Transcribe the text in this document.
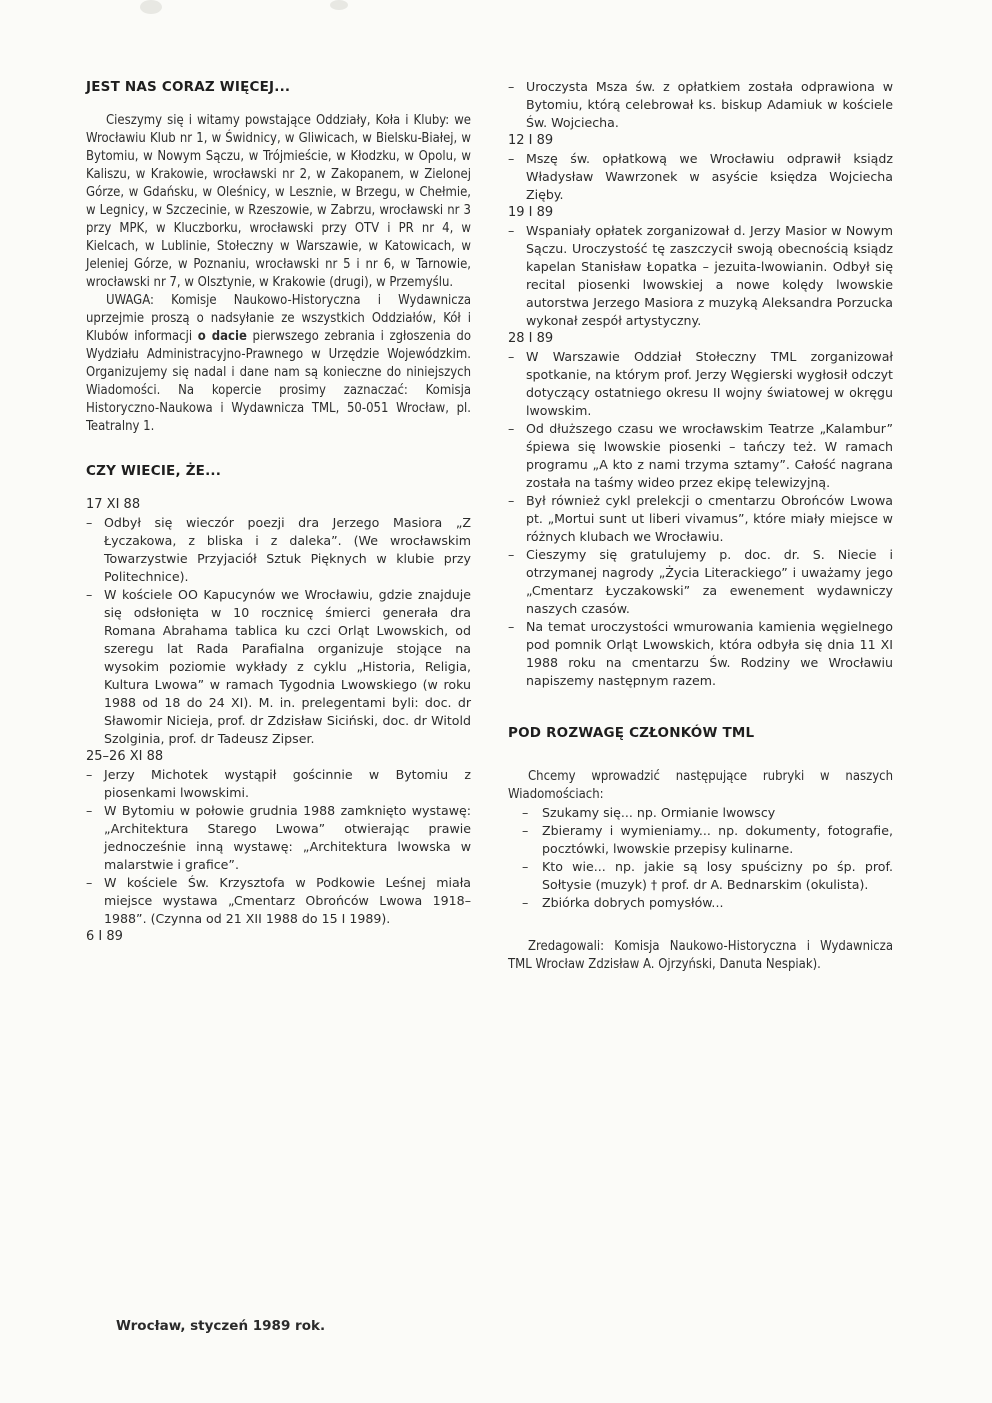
JEST NAS CORAZ WIĘCEJ...

Cieszymy się i witamy powstające Oddziały, Koła i Kluby: we Wrocławiu Klub nr 1, w Świdnicy, w Gliwicach, w Bielsku-Białej, w Bytomiu, w Nowym Sączu, w Trójmieście, w Kłodzku, w Opolu, w Kaliszu, w Krakowie, wrocławski nr 2, w Zakopanem, w Zielonej Górze, w Gdańsku, w Oleśnicy, w Lesznie, w Brzegu, w Chełmie, w Legnicy, w Szczecinie, w Rzeszowie, w Zabrzu, wrocławski nr 3 przy MPK, w Kluczborku, wrocławski przy OTV i PR nr 4, w Kielcach, w Lublinie, Stołeczny w Warszawie, w Katowicach, w Jeleniej Górze, w Poznaniu, wrocławski nr 5 i nr 6, w Tarnowie, wrocławski nr 7, w Olsztynie, w Krakowie (drugi), w Przemyślu.

UWAGA: Komisje Naukowo-Historyczna i Wydawnicza uprzejmie proszą o nadsyłanie ze wszystkich Oddziałów, Kół i Klubów informacji o dacie pierwszego zebrania i zgłoszenia do Wydziału Administracyjno-Prawnego w Urzędzie Wojewódzkim. Organizujemy się nadal i dane nam są konieczne do niniejszych Wiadomości. Na kopercie prosimy zaznaczać: Komisja Historyczno-Naukowa i Wydawnicza TML, 50-051 Wrocław, pl. Teatralny 1.

CZY WIECIE, ŻE...

17 XI 88

– Odbył się wieczór poezji dra Jerzego Masiora „Z Łyczakowa, z bliska i z daleka”. (We wrocławskim Towarzystwie Przyjaciół Sztuk Pięknych w klubie przy Politechnice).

– W kościele OO Kapucynów we Wrocławiu, gdzie znajduje się odsłonięta w 10 rocznicę śmierci generała dra Romana Abrahama tablica ku czci Orląt Lwowskich, od szeregu lat Rada Parafialna organizuje stojące na wysokim poziomie wykłady z cyklu „Historia, Religia, Kultura Lwowa” w ramach Tygodnia Lwowskiego (w roku 1988 od 18 do 24 XI). M. in. prelegentami byli: doc. dr Sławomir Nicieja, prof. dr Zdzisław Siciński, doc. dr Witold Szolginia, prof. dr Tadeusz Zipser.

25–26 XI 88

– Jerzy Michotek wystąpił gościnnie w Bytomiu z piosenkami lwowskimi.

– W Bytomiu w połowie grudnia 1988 zamknięto wystawę: „Architektura Starego Lwowa” otwierając prawie jednocześnie inną wystawę: „Architektura lwowska w malarstwie i grafice”.

– W kościele Św. Krzysztofa w Podkowie Leśnej miała miejsce wystawa „Cmentarz Obrońców Lwowa 1918–1988”. (Czynna od 21 XII 1988 do 15 I 1989).

6 I 89

– Uroczysta Msza św. z opłatkiem została odprawiona w Bytomiu, którą celebrował ks. biskup Adamiuk w kościele Św. Wojciecha.

12 I 89

– Mszę św. opłatkową we Wrocławiu odprawił ksiądz Władysław Wawrzonek w asyście księdza Wojciecha Zięby.

19 I 89

– Wspaniały opłatek zorganizował d. Jerzy Masior w Nowym Sączu. Uroczystość tę zaszczycił swoją obecnością ksiądz kapelan Stanisław Łopatka – jezuita-lwowianin. Odbył się recital piosenki lwowskiej a nowe kolędy lwowskie autorstwa Jerzego Masiora z muzyką Aleksandra Porzucka wykonał zespół artystyczny.

28 I 89

– W Warszawie Oddział Stołeczny TML zorganizował spotkanie, na którym prof. Jerzy Węgierski wygłosił odczyt dotyczący ostatniego okresu II wojny światowej w okręgu lwowskim.

– Od dłuższego czasu we wrocławskim Teatrze „Kalambur” śpiewa się lwowskie piosenki – tańczy też. W ramach programu „A kto z nami trzyma sztamy”. Całość nagrana została na taśmy wideo przez ekipę telewizyjną.

– Był również cykl prelekcji o cmentarzu Obrońców Lwowa pt. „Mortui sunt ut liberi vivamus”, które miały miejsce w różnych klubach we Wrocławiu.

– Cieszymy się gratulujemy p. doc. dr. S. Niecie i otrzymanej nagrody „Życia Literackiego” i uważamy jego „Cmentarz Łyczakowski” za ewenement wydawniczy naszych czasów.

– Na temat uroczystości wmurowania kamienia węgielnego pod pomnik Orląt Lwowskich, która odbyła się dnia 11 XI 1988 roku na cmentarzu Św. Rodziny we Wrocławiu napiszemy następnym razem.

POD ROZWAGĘ CZŁONKÓW TML

Chcemy wprowadzić następujące rubryki w naszych Wiadomościach:

– Szukamy się... np. Ormianie lwowscy

– Zbieramy i wymieniamy... np. dokumenty, fotografie, pocztówki, lwowskie przepisy kulinarne.

– Kto wie... np. jakie są losy spuścizny po śp. prof. Sołtysie (muzyk) † prof. dr A. Bednarskim (okulista).

– Zbiórka dobrych pomysłów...

Zredagowali: Komisja Naukowo-Historyczna i Wydawnicza TML Wrocław Zdzisław A. Ojrzyński, Danuta Nespiak).

Wrocław, styczeń 1989 rok.
